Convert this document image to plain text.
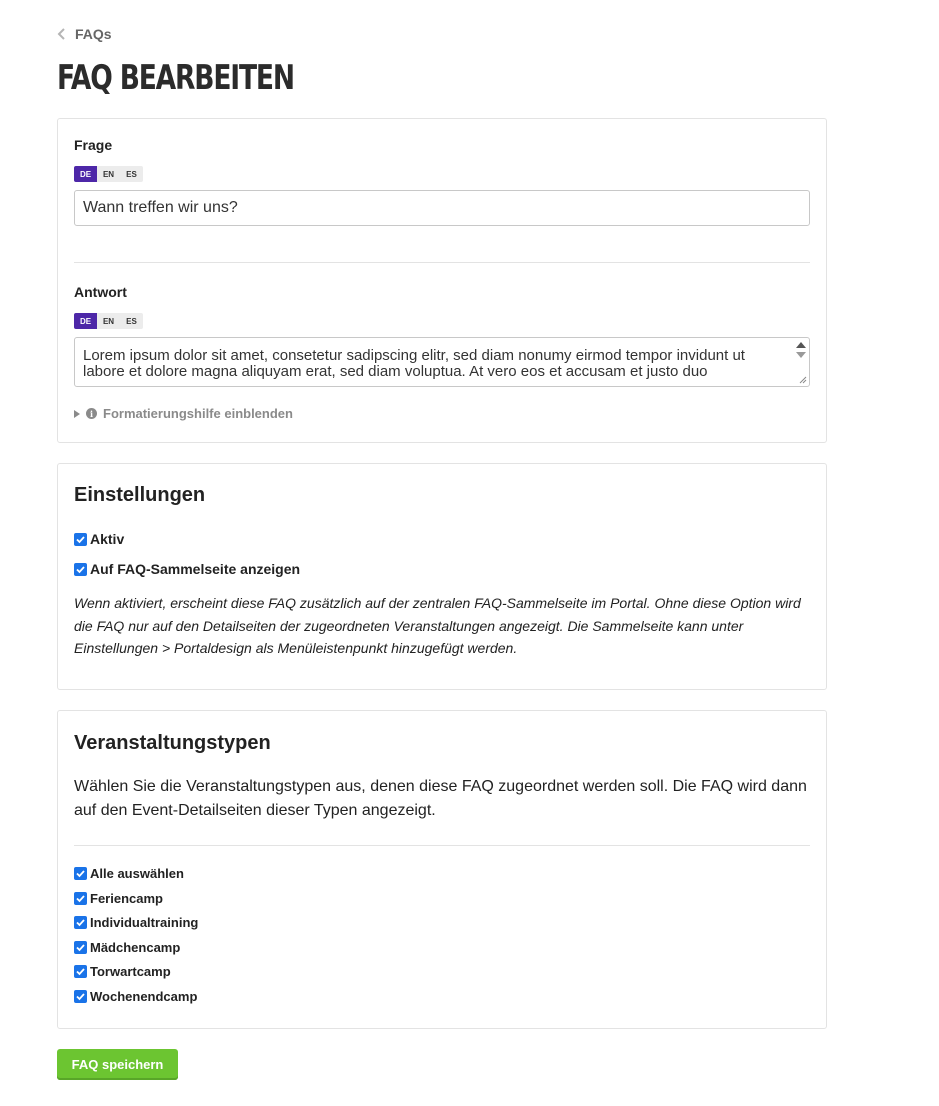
FAQs
FAQ BEARBEITEN
Frage
DE	EN	ES
Wann treffen wir uns?
Antwort
DE	EN	ES
Lorem ipsum dolor sit amet, consetetur sadipscing elitr, sed diam nonumy eirmod tempor invidunt ut labore et dolore magna aliquyam erat, sed diam voluptua. At vero eos et accusam et justo duo
i Formatierungshilfe einblenden
Einstellungen
Aktiv
Auf FAQ-Sammelseite anzeigen
Wenn aktiviert, erscheint diese FAQ zusätzlich auf der zentralen FAQ-Sammelseite im Portal. Ohne diese Option wird die FAQ nur auf den Detailseiten der zugeordneten Veranstaltungen angezeigt. Die Sammelseite kann unter Einstellungen > Portaldesign als Menüleistenpunkt hinzugefügt werden.
Veranstaltungstypen
Wählen Sie die Veranstaltungstypen aus, denen diese FAQ zugeordnet werden soll. Die FAQ wird dann auf den Event-Detailseiten dieser Typen angezeigt.
Alle auswählen
Feriencamp
Individualtraining
Mädchencamp
Torwartcamp
Wochenendcamp
FAQ speichern
